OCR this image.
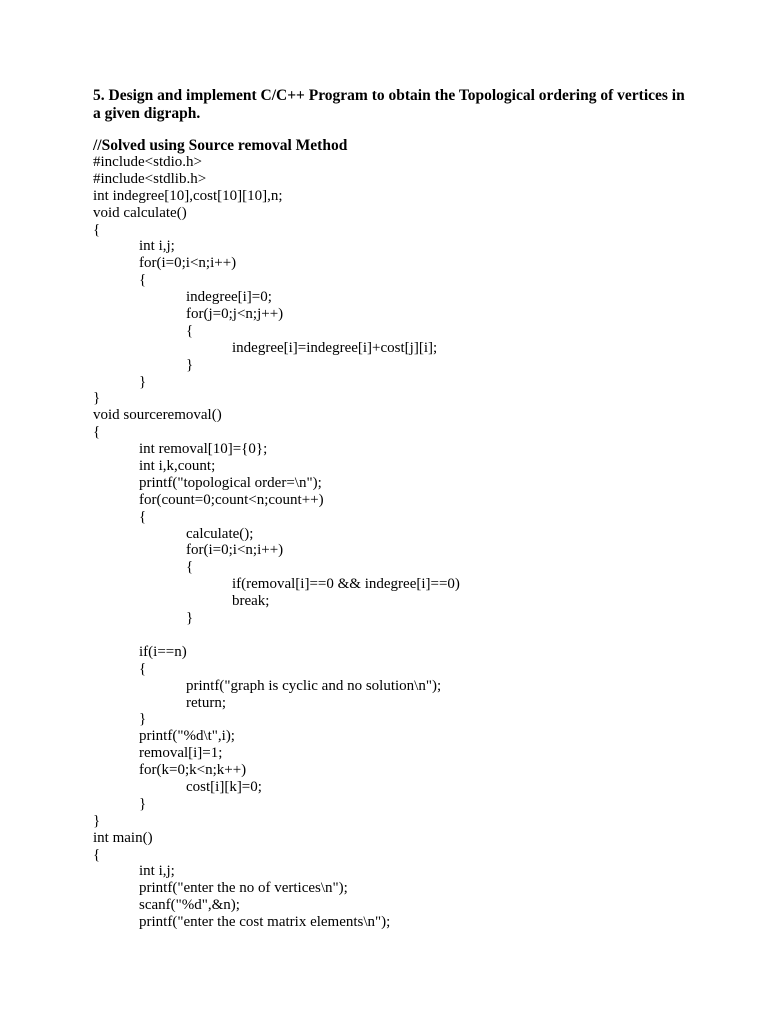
5. Design and implement C/C++ Program to obtain the Topological ordering of vertices in a given digraph.

//Solved using Source removal Method

#include<stdio.h>
#include<stdlib.h>
int indegree[10],cost[10][10],n;
void calculate()
{
int i,j;
for(i=0;i<n;i++)
{
indegree[i]=0;
for(j=0;j<n;j++)
{
indegree[i]=indegree[i]+cost[j][i];
}
}
}
void sourceremoval()
{
int removal[10]={0};
int i,k,count;
printf("topological order=\n");
for(count=0;count<n;count++)
{
calculate();
for(i=0;i<n;i++)
{
if(removal[i]==0 && indegree[i]==0)
break;
}
if(i==n)
{
printf("graph is cyclic and no solution\n");
return;
}
printf("%d\t",i);
removal[i]=1;
for(k=0;k<n;k++)
cost[i][k]=0;
}
}
int main()
{
int i,j;
printf("enter the no of vertices\n");
scanf("%d",&n);
printf("enter the cost matrix elements\n");
